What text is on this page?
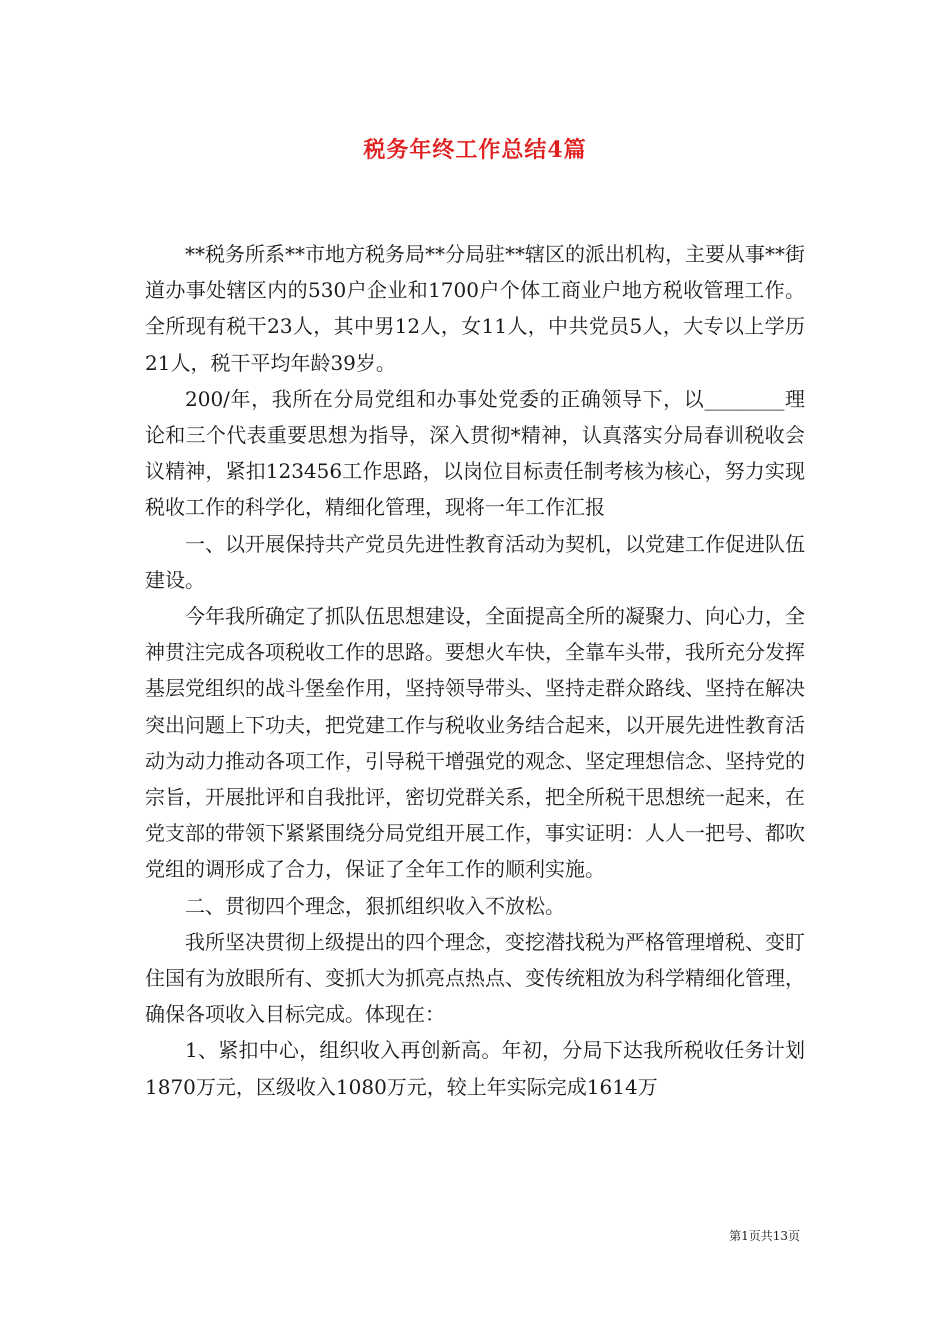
税务年终工作总结4篇

**税务所系**市地方税务局**分局驻**辖区的派出机构，主要从事**街道办事处辖区内的530户企业和1700户个体工商业户地方税收管理工作。全所现有税干23人，其中男12人，女11人，中共党员5人，大专以上学历21人，税干平均年龄39岁。

200/年，我所在分局党组和办事处党委的正确领导下，以________理论和三个代表重要思想为指导，深入贯彻*精神，认真落实分局春训税收会议精神，紧扣123456工作思路，以岗位目标责任制考核为核心，努力实现税收工作的科学化，精细化管理，现将一年工作汇报

一、以开展保持共产党员先进性教育活动为契机，以党建工作促进队伍建设。

今年我所确定了抓队伍思想建设，全面提高全所的凝聚力、向心力，全神贯注完成各项税收工作的思路。要想火车快，全靠车头带，我所充分发挥基层党组织的战斗堡垒作用，坚持领导带头、坚持走群众路线、坚持在解决突出问题上下功夫，把党建工作与税收业务结合起来，以开展先进性教育活动为动力推动各项工作，引导税干增强党的观念、坚定理想信念、坚持党的宗旨，开展批评和自我批评，密切党群关系，把全所税干思想统一起来，在党支部的带领下紧紧围绕分局党组开展工作，事实证明：人人一把号、都吹党组的调形成了合力，保证了全年工作的顺利实施。

二、贯彻四个理念，狠抓组织收入不放松。

我所坚决贯彻上级提出的四个理念，变挖潜找税为严格管理增税、变盯住国有为放眼所有、变抓大为抓亮点热点、变传统粗放为科学精细化管理，确保各项收入目标完成。体现在：

1、紧扣中心，组织收入再创新高。年初，分局下达我所税收任务计划1870万元，区级收入1080万元，较上年实际完成1614万

第1页共13页
